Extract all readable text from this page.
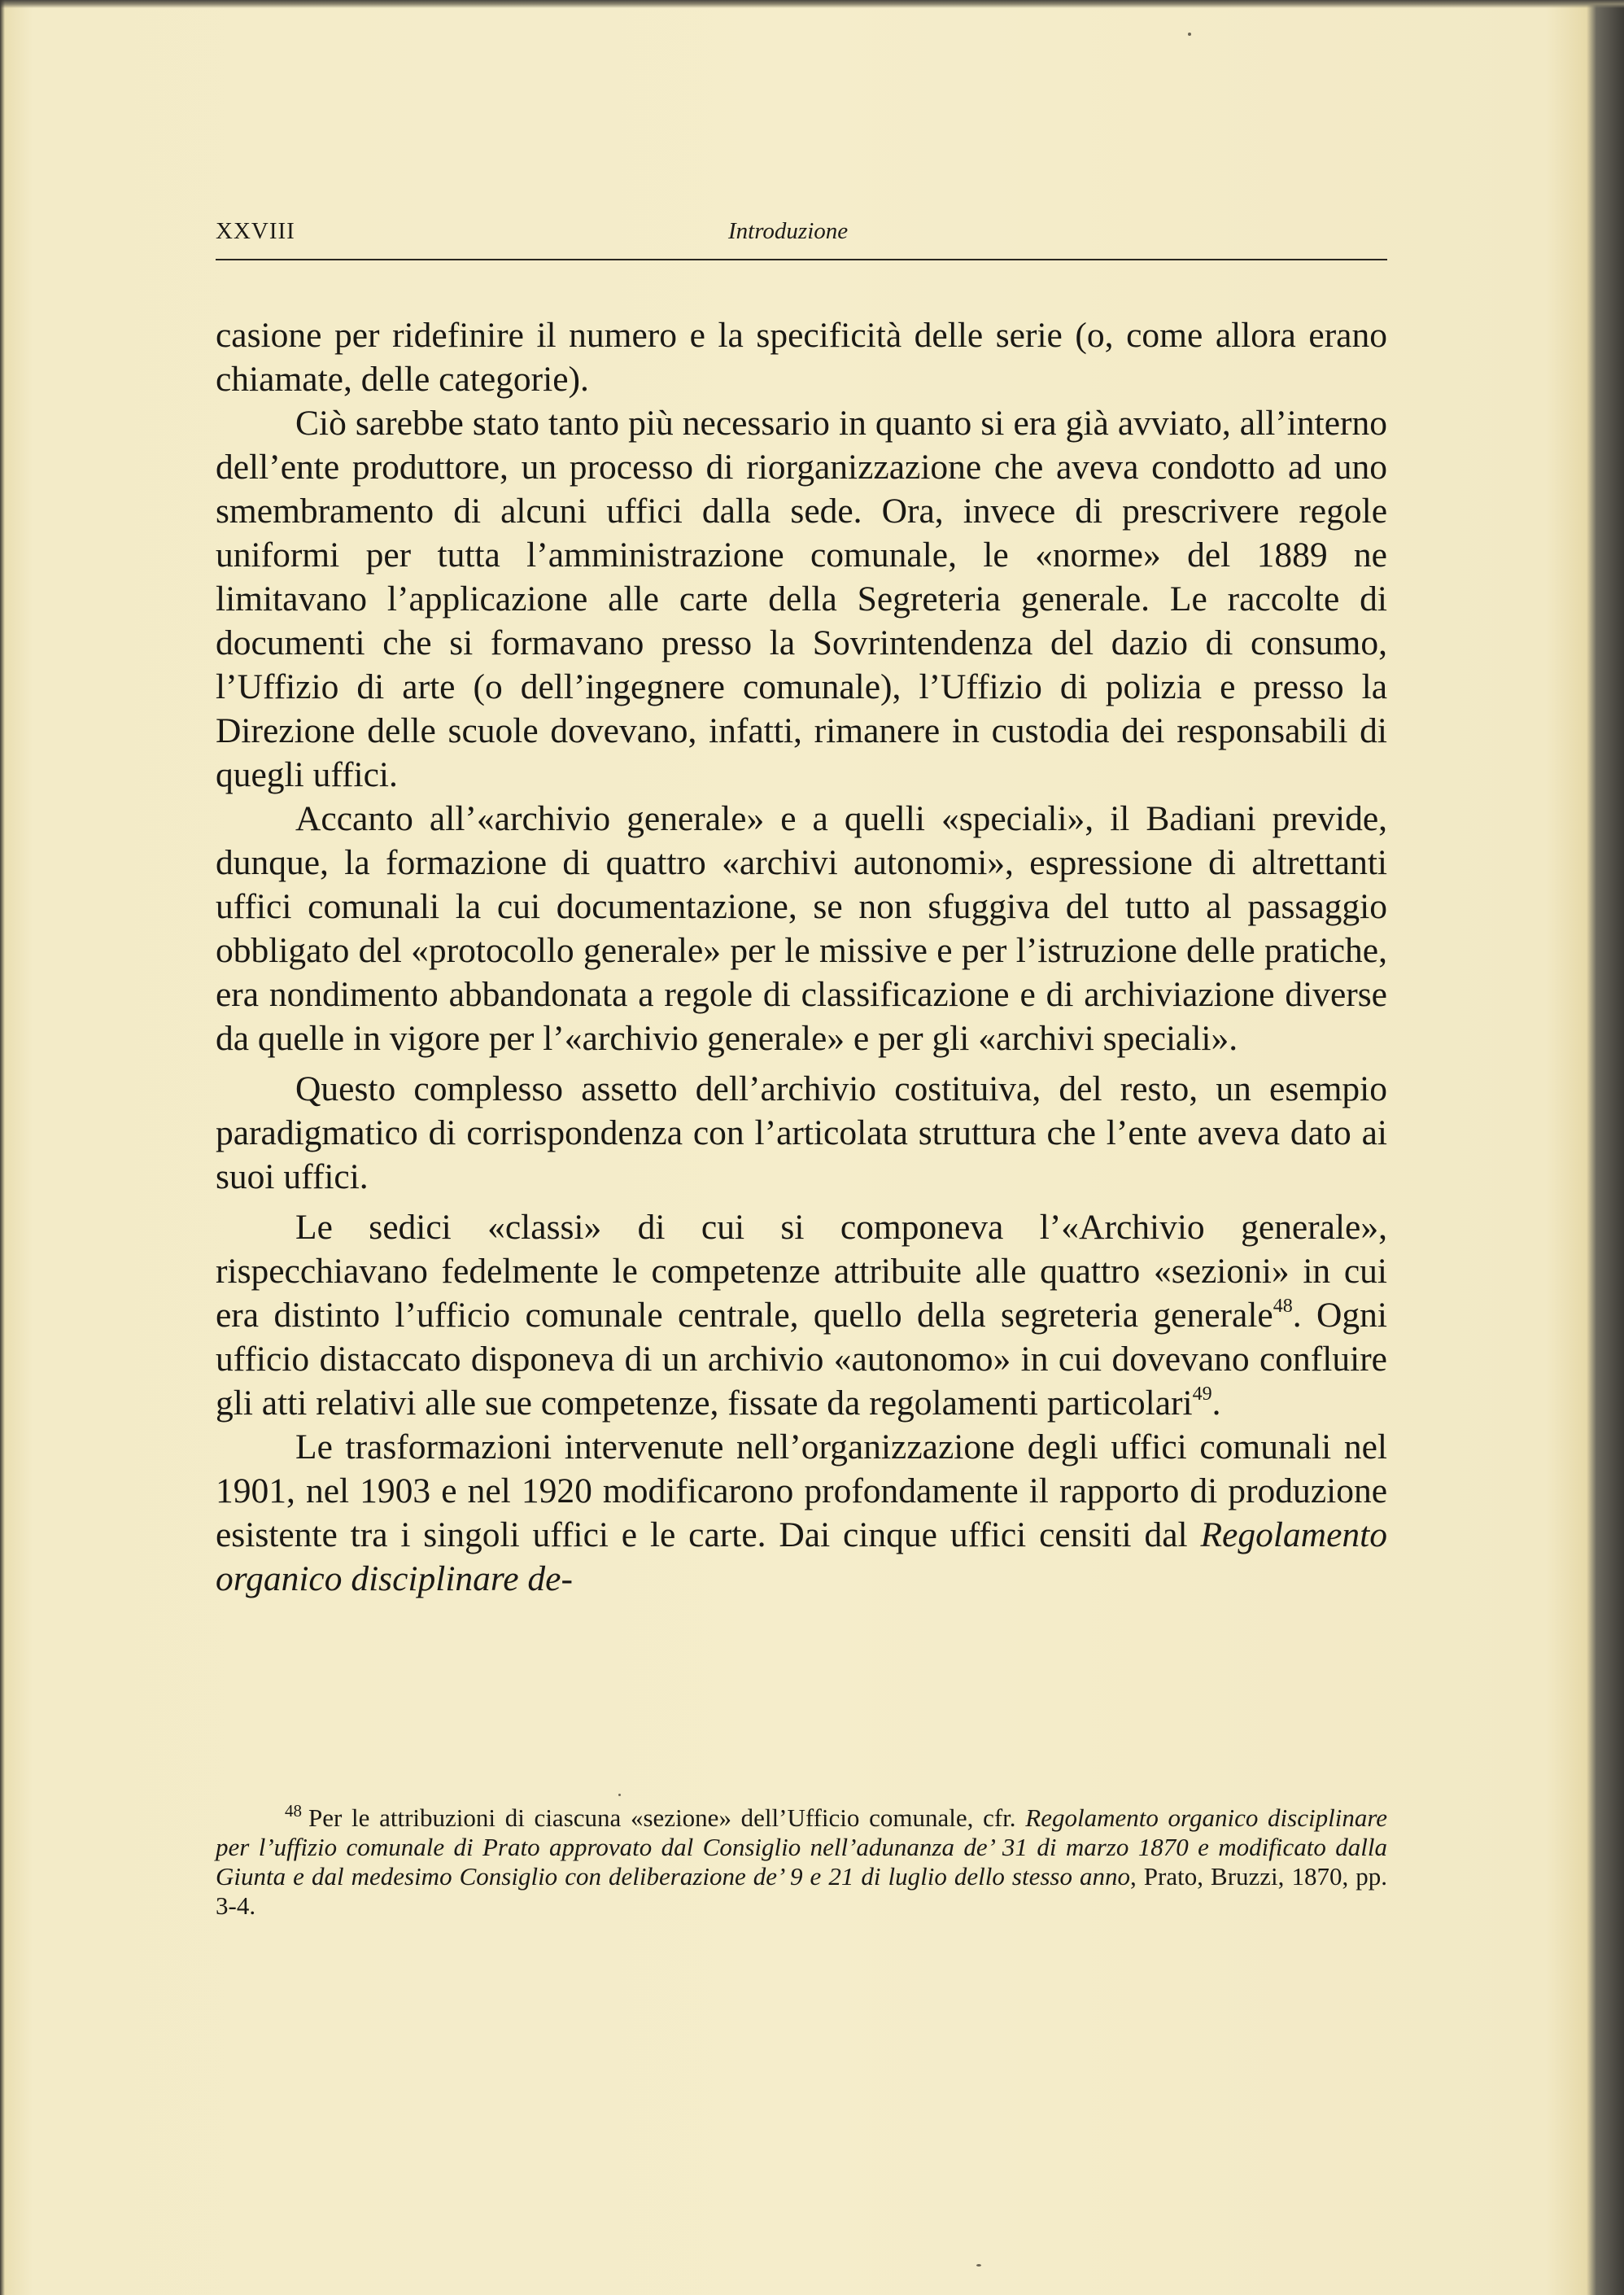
XXVIII	Introduzione

casione per ridefinire il numero e la specificità delle serie (o, come allora erano chiamate, delle categorie).

Ciò sarebbe stato tanto più necessario in quanto si era già avviato, all’interno dell’ente produttore, un processo di riorganizzazione che aveva condotto ad uno smembramento di alcuni uffici dalla sede. Ora, invece di prescrivere regole uniformi per tutta l’amministrazione comunale, le «norme» del 1889 ne limitavano l’applicazione alle carte della Segreteria generale. Le raccolte di documenti che si formavano presso la Sovrintendenza del dazio di consumo, l’Uffizio di arte (o dell’ingegnere comunale), l’Uffizio di polizia e presso la Direzione delle scuole dovevano, infatti, rimanere in custodia dei responsabili di quegli uffici.

Accanto all’«archivio generale» e a quelli «speciali», il Badiani previde, dunque, la formazione di quattro «archivi autonomi», espressione di altrettanti uffici comunali la cui documentazione, se non sfuggiva del tutto al passaggio obbligato del «protocollo generale» per le missive e per l’istruzione delle pratiche, era nondimento abbandonata a regole di classificazione e di archiviazione diverse da quelle in vigore per l’«archivio generale» e per gli «archivi speciali».

Questo complesso assetto dell’archivio costituiva, del resto, un esempio paradigmatico di corrispondenza con l’articolata struttura che l’ente aveva dato ai suoi uffici.

Le sedici «classi» di cui si componeva l’«Archivio generale», rispecchiavano fedelmente le competenze attribuite alle quattro «sezioni» in cui era distinto l’ufficio comunale centrale, quello della segreteria generale$^{48}$. Ogni ufficio distaccato disponeva di un archivio «autonomo» in cui dovevano confluire gli atti relativi alle sue competenze, fissate da regolamenti particolari$^{49}$.

Le trasformazioni intervenute nell’organizzazione degli uffici comunali nel 1901, nel 1903 e nel 1920 modificarono profondamente il rapporto di produzione esistente tra i singoli uffici e le carte. Dai cinque uffici censiti dal Regolamento organico disciplinare de-

$^{48}$ Per le attribuzioni di ciascuna «sezione» dell’Ufficio comunale, cfr. Regolamento organico disciplinare per l’uffizio comunale di Prato approvato dal Consiglio nell’adunanza de’ 31 di marzo 1870 e modificato dalla Giunta e dal medesimo Consiglio con deliberazione de’ 9 e 21 di luglio dello stesso anno, Prato, Bruzzi, 1870, pp. 3-4.
